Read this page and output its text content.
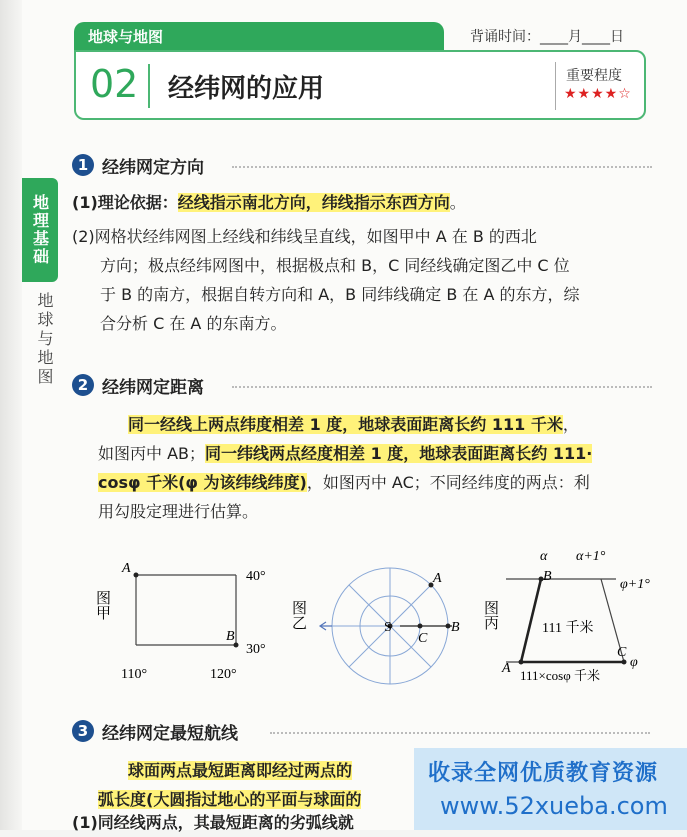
地理基础
地球与地图
地球与地图	背诵时间：____月____日
02 经纬网的应用	重要程度
★★★★☆
1 经纬网定方向
(1)理论依据：经线指示南北方向，纬线指示东西方向。
(2)网格状经纬网图上经线和纬线呈直线，如图甲中 A 在 B 的西北
方向；极点经纬网图中，根据极点和 B，C 同经线确定图乙中 C 位
于 B 的南方，根据自转方向和 A，B 同纬线确定 B 在 A 的东方，综
合分析 C 在 A 的东南方。
2 经纬网定距离
同一经线上两点纬度相差 1 度，地球表面距离长约 111 千米，
如图丙中 AB；同一纬线两点经度相差 1 度，地球表面距离长约 111·
cosφ 千米(φ 为该纬线纬度)，如图丙中 AC；不同经纬度的两点：利
用勾股定理进行估算。
图甲
A
B
40°
30°
110°	120°
图乙	S
A
B
C
图丙
α α+1°
B
A
C
φ+1°
φ
111 千米
111×cosφ 千米
3 经纬网定最短航线
球面两点最短距离即经过两点的
弧长度(大圆指过地心的平面与球面的
(1)同经线两点，其最短距离的劣弧线就
收录全网优质教育资源
www.52xueba.com
